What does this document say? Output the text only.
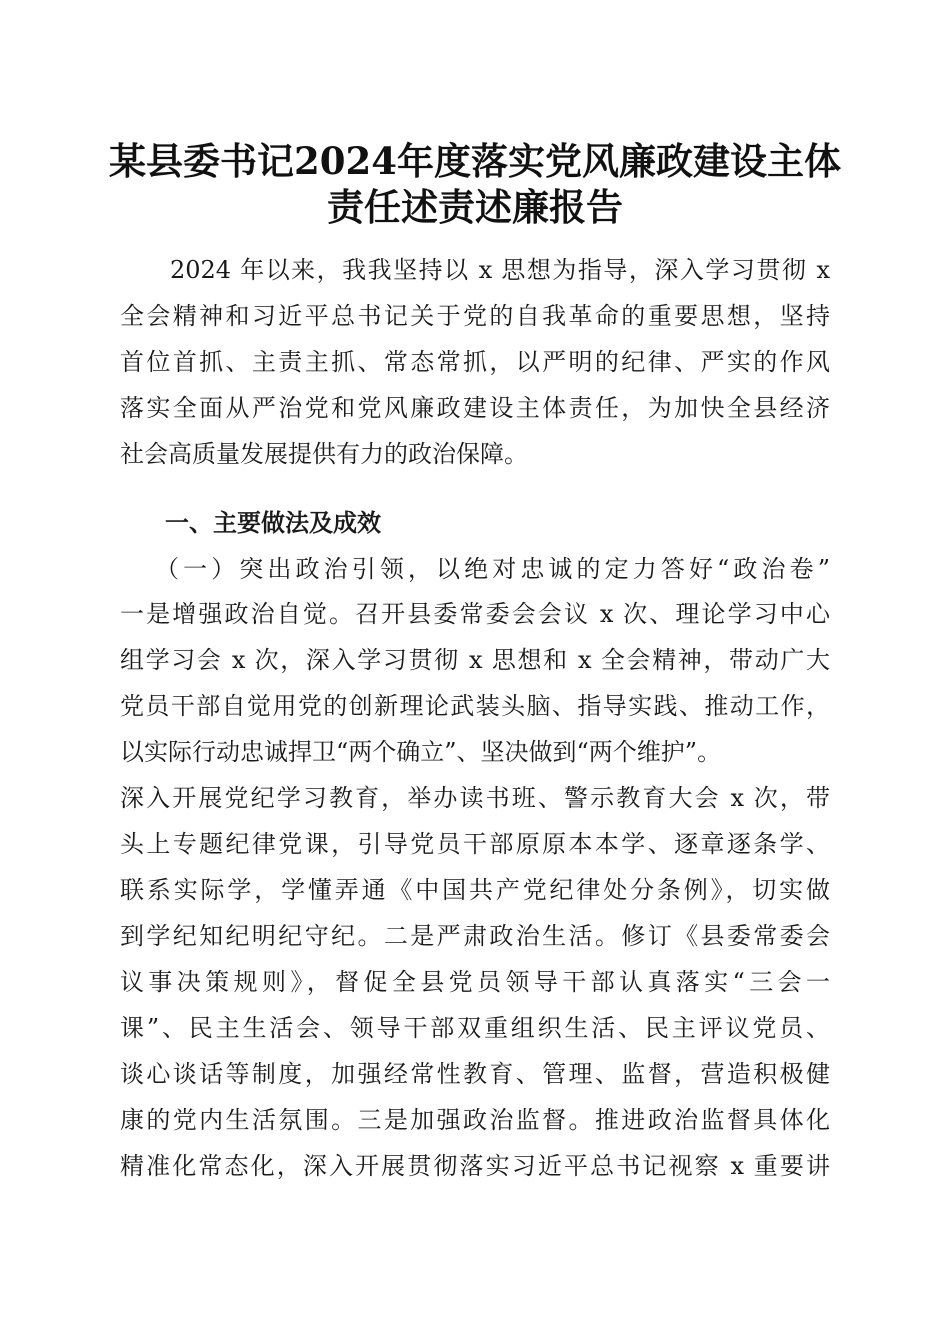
某县委书记2024年度落实党风廉政建设主体
责任述责述廉报告
2024 年以来，我我坚持以 x 思想为指导，深入学习贯彻 x
全会精神和习近平总书记关于党的自我革命的重要思想，坚持
首位首抓、主责主抓、常态常抓，以严明的纪律、严实的作风
落实全面从严治党和党风廉政建设主体责任，为加快全县经济
社会高质量发展提供有力的政治保障。
一、主要做法及成效
（一）突出政治引领，以绝对忠诚的定力答好“政治卷”
一是增强政治自觉。召开县委常委会会议 x 次、理论学习中心
组学习会 x 次，深入学习贯彻 x 思想和 x 全会精神，带动广大
党员干部自觉用党的创新理论武装头脑、指导实践、推动工作，
以实际行动忠诚捍卫“两个确立”、坚决做到“两个维护”。
深入开展党纪学习教育，举办读书班、警示教育大会 x 次，带
头上专题纪律党课，引导党员干部原原本本学、逐章逐条学、
联系实际学，学懂弄通《中国共产党纪律处分条例》，切实做
到学纪知纪明纪守纪。二是严肃政治生活。修订《县委常委会
议事决策规则》，督促全县党员领导干部认真落实“三会一
课”、民主生活会、领导干部双重组织生活、民主评议党员、
谈心谈话等制度，加强经常性教育、管理、监督，营造积极健
康的党内生活氛围。三是加强政治监督。推进政治监督具体化
精准化常态化，深入开展贯彻落实习近平总书记视察 x 重要讲
